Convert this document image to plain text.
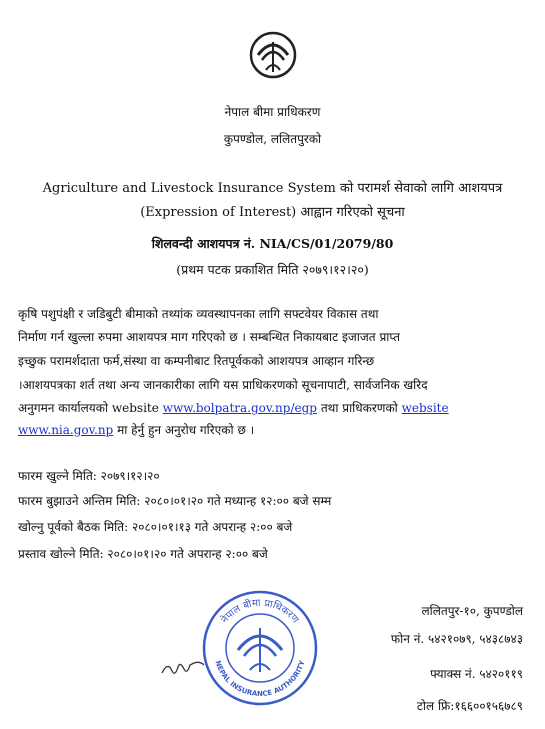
नेपाल बीमा प्राधिकरण
कुपण्डोल, ललितपुरको
Agriculture and Livestock Insurance System को परामर्श सेवाको लागि आशयपत्र
(Expression of Interest) आह्वान गरिएको सूचना
शिलवन्दी आशयपत्र नं. NIA/CS/01/2079/80
(प्रथम पटक प्रकाशित मिति २०७९।१२।२०)
कृषि पशुपंक्षी र जडिबुटी बीमाको तथ्यांक व्यवस्थापनका लागि सफ्टवेयर विकास तथा
निर्माण गर्न खुल्ला रुपमा आशयपत्र माग गरिएको छ । सम्बन्धित निकायबाट इजाजत प्राप्त
इच्छुक परामर्शदाता फर्म,संस्था वा कम्पनीबाट रितपूर्वकको आशयपत्र आव्हान गरिन्छ
।आशयपत्रका शर्त तथा अन्य जानकारीका लागि यस प्राधिकरणको सूचनापाटी, सार्वजनिक खरिद
अनुगमन कार्यालयको website www.bolpatra.gov.np/egp तथा प्राधिकरणको website
www.nia.gov.np मा हेर्नु हुन अनुरोध गरिएको छ ।
फारम खुल्ने मिति: २०७९।१२।२०
फारम बुझाउने अन्तिम मिति: २०८०।०१।२० गते मध्यान्ह १२:०० बजे सम्म
खोल्नु पूर्वको बैठक मिति: २०८०।०१।१३ गते अपरान्ह २:०० बजे
प्रस्ताव खोल्ने मिति: २०८०।०१।२० गते अपरान्ह २:०० बजे
नेपाल बीमा प्राधिकरण
NEPAL INSURANCE AUTHORITY
ललितपुर-१०, कुपण्डोल
फोन नं. ५४२१०७९, ५४३८७४३
फ्याक्स नं. ५४२०११९
टोल फ्रि:१६६००१५६७८९
